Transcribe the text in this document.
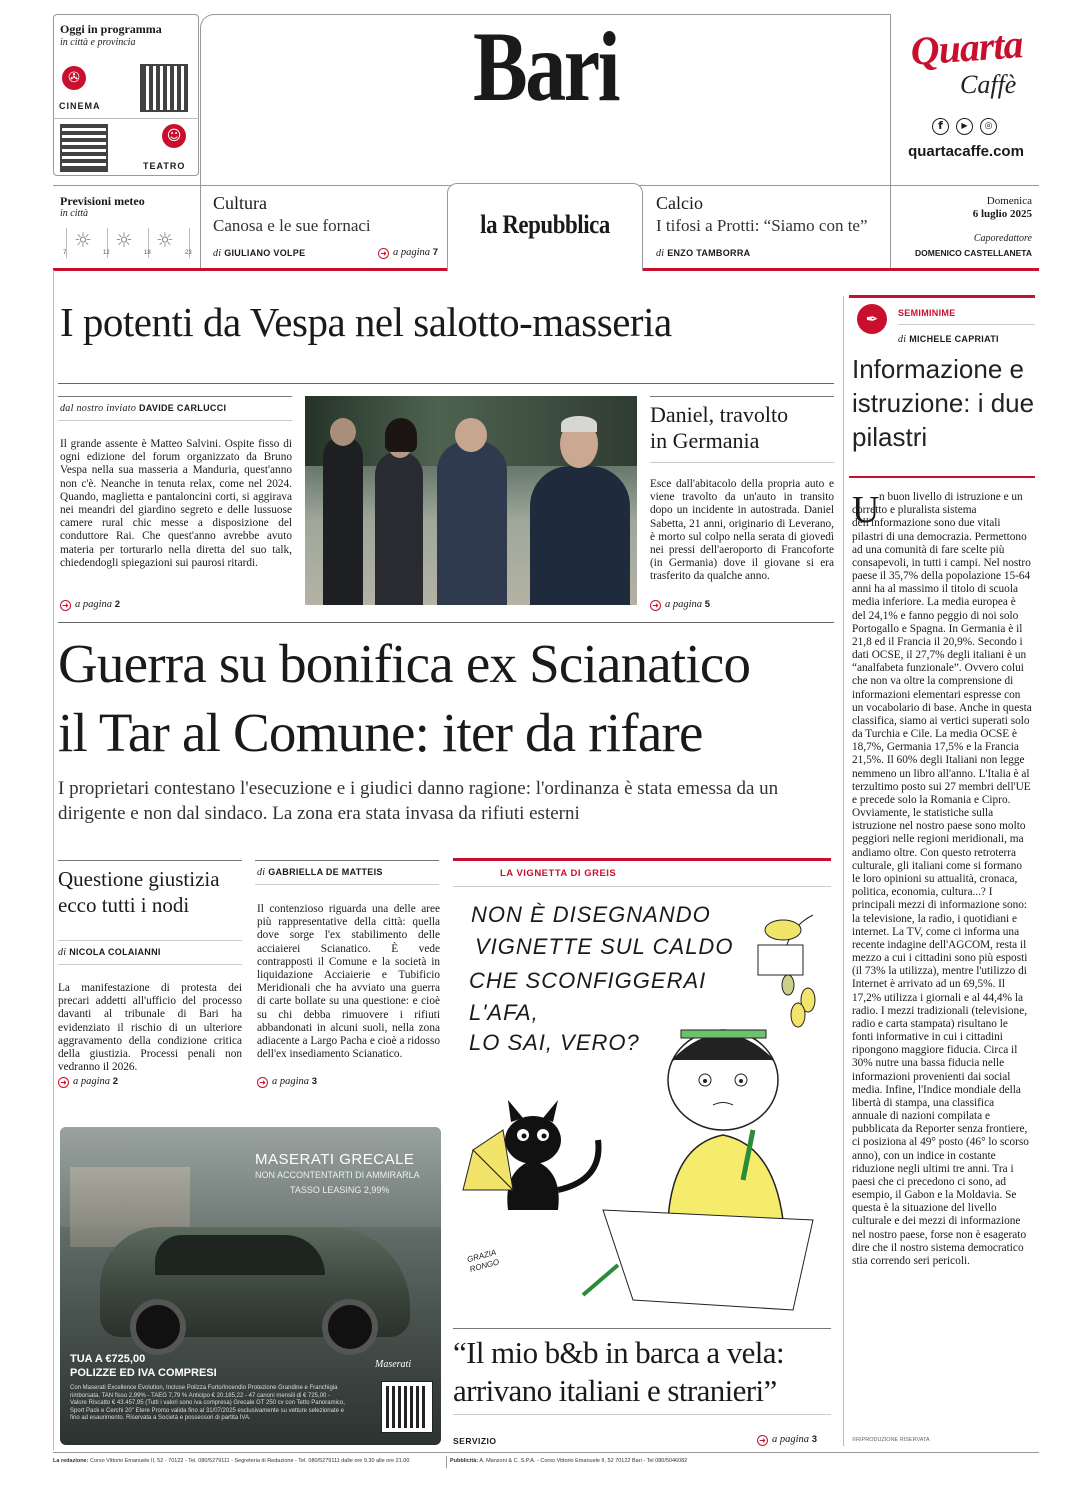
Oggi in programma
in città e provincia
✇
CINEMA
☺
TEATRO
Bari	Quarta
Caffè
f	▶	◎
quartacaffe.com
Previsioni meteo
in città
☼ ☼ ☼
7	12	18	23
Cultura
Canosa e le sue fornaci
di GIULIANO VOLPE	➜ a pagina 7
la Repubblica
Calcio
I tifosi a Protti: “Siamo con te”
di ENZO TAMBORRA
Domenica
6 luglio 2025
Caporedattore
DOMENICO CASTELLANETA
I potenti da Vespa nel salotto-masseria
dal nostro inviato DAVIDE CARLUCCI
Il grande assente è Matteo Salvini. Ospite fisso di ogni edizione del forum organizzato da Bruno Vespa nella sua masseria a Manduria, quest'anno non c'è. Neanche in tenuta relax, come nel 2024. Quando, maglietta e pantaloncini corti, si aggirava nei meandri del giardino segreto e delle lussuose camere rural chic messe a disposizione del conduttore Rai. Che quest'anno avrebbe avuto materia per torturarlo nella diretta del suo talk, chiedendogli spiegazioni sui paurosi ritardi.
➜ a pagina 2
Daniel, travolto in Germania
Esce dall'abitacolo della propria auto e viene travolto da un'auto in transito dopo un incidente in autostrada. Daniel Sabetta, 21 anni, originario di Leverano, è morto sul colpo nella serata di giovedì nei pressi dell'aeroporto di Francoforte (in Germania) dove il giovane si era trasferito da qualche anno.
➜ a pagina 5
Guerra su bonifica ex Scianatico
il Tar al Comune: iter da rifare
I proprietari contestano l'esecuzione e i giudici danno ragione: l'ordinanza è stata emessa da un dirigente e non dal sindaco. La zona era stata invasa da rifiuti esterni
Questione giustizia ecco tutti i nodi
di NICOLA COLAIANNI
La manifestazione di protesta dei precari addetti all'ufficio del processo davanti al tribunale di Bari ha evidenziato il rischio di un ulteriore aggravamento della condizione critica della giustizia. Processi penali non vedranno il 2026.
➜ a pagina 2
di GABRIELLA DE MATTEIS
Il contenzioso riguarda una delle aree più rappresentative della città: quella dove sorge l'ex stabilimento delle acciaierei Scianatico. È vede contrapposti il Comune e la società in liquidazione Acciaierie e Tubificio Meridionali che ha avviato una guerra di carte bollate su una questione: e cioè su chi debba rimuovere i rifiuti abbandonati in alcuni suoli, nella zona adiacente a Largo Pacha e cioè a ridosso dell'ex insediamento Scianatico.
➜ a pagina 3
LA VIGNETTA DI GREIS
NON È DISEGNANDO
VIGNETTE SUL CALDO
CHE SCONFIGGERAI
L'AFA,
LO SAI, VERO?
GRAZIA RONGO
“Il mio b&b in barca a vela: arrivano italiani e stranieri”
SERVIZIO	➜ a pagina 3
MASERATI GRECALE
NON ACCONTENTARTI DI AMMIRARLA
TASSO LEASING 2,99%
TUA A €725,00
POLIZZE ED IVA COMPRESI
Con Maserati Excellence Evolution, Incluse Polizza Furto/Incendio Protezione Grandine e Franchigia rimborsata. TAN fisso 2,99% - TAEG 7,79 % Anticipo € 20.185,22 - 47 canoni mensili di € 725,00 - Valore Riscatto € 43.457,95 (Tutti i valori sono iva compresa) Grecale GT 250 cv con Tetto Panoramico, Sport Pack e Cerchi 20" Etere Promo valida fino al 31/07/2025 esclusivamente su vetture selezionate e fino ad esaurimento. Riservata a Società e possessori di partita IVA.
Maserati
✒	SEMIMINIME
di MICHELE CAPRIATI
Informazione e istruzione: i due pilastri
U n buon livello di istruzione e un corretto e pluralista sistema dell'informazione sono due vitali pilastri di una democrazia. Permettono ad una comunità di fare scelte più consapevoli, in tutti i campi. Nel nostro paese il 35,7% della popolazione 15-64 anni ha al massimo il titolo di scuola media inferiore. La media europea è del 24,1% e fanno peggio di noi solo Portogallo e Spagna. In Germania è il 21,8 ed il Francia il 20,9%. Secondo i dati OCSE, il 27,7% degli italiani è un “analfabeta funzionale”. Ovvero colui che non va oltre la comprensione di informazioni elementari espresse con un vocabolario di base. Anche in questa classifica, siamo ai vertici superati solo da Turchia e Cile. La media OCSE è 18,7%, Germania 17,5% e la Francia 21,5%. Il 60% degli Italiani non legge nemmeno un libro all'anno. L'Italia è al terzultimo posto sui 27 membri dell'UE e precede solo la Romania e Cipro. Ovviamente, le statistiche sulla istruzione nel nostro paese sono molto peggiori nelle regioni meridionali, ma andiamo oltre. Con questo retroterra culturale, gli italiani come si formano le loro opinioni su attualità, cronaca, politica, economia, cultura...? I principali mezzi di informazione sono: la televisione, la radio, i quotidiani e internet. La TV, come ci informa una recente indagine dell'AGCOM, resta il mezzo a cui i cittadini sono più esposti (il 73% la utilizza), mentre l'utilizzo di Internet è arrivato ad un 69,5%. Il 17,2% utilizza i giornali e al 44,4% la radio. I mezzi tradizionali (televisione, radio e carta stampata) risultano le fonti informative in cui i cittadini ripongono maggiore fiducia. Circa il 30% nutre una bassa fiducia nelle informazioni provenienti dai social media. Infine, l'Indice mondiale della libertà di stampa, una classifica annuale di nazioni compilata e pubblicata da Reporter senza frontiere, ci posiziona al 49° posto (46° lo scorso anno), con un indice in costante riduzione negli ultimi tre anni. Tra i paesi che ci precedono ci sono, ad esempio, il Gabon e la Moldavia. Se questa è la situazione del livello culturale e dei mezzi di informazione nel nostro paese, forse non è esagerato dire che il nostro sistema democratico stia correndo seri pericoli.
©RIPRODUZIONE RISERVATA
La redazione: Corso Vittorio Emanuele II, 52 - 70122 - Tel. 080/5279111 - Segreteria di Redazione - Tel. 080/5279111 dalle ore 9.30 alle ore 21.00	Pubblicità: A. Manzoni & C. S.P.A. - Corso Vittorio Emanuele II, 52 70122 Bari - Tel 080/5046082
